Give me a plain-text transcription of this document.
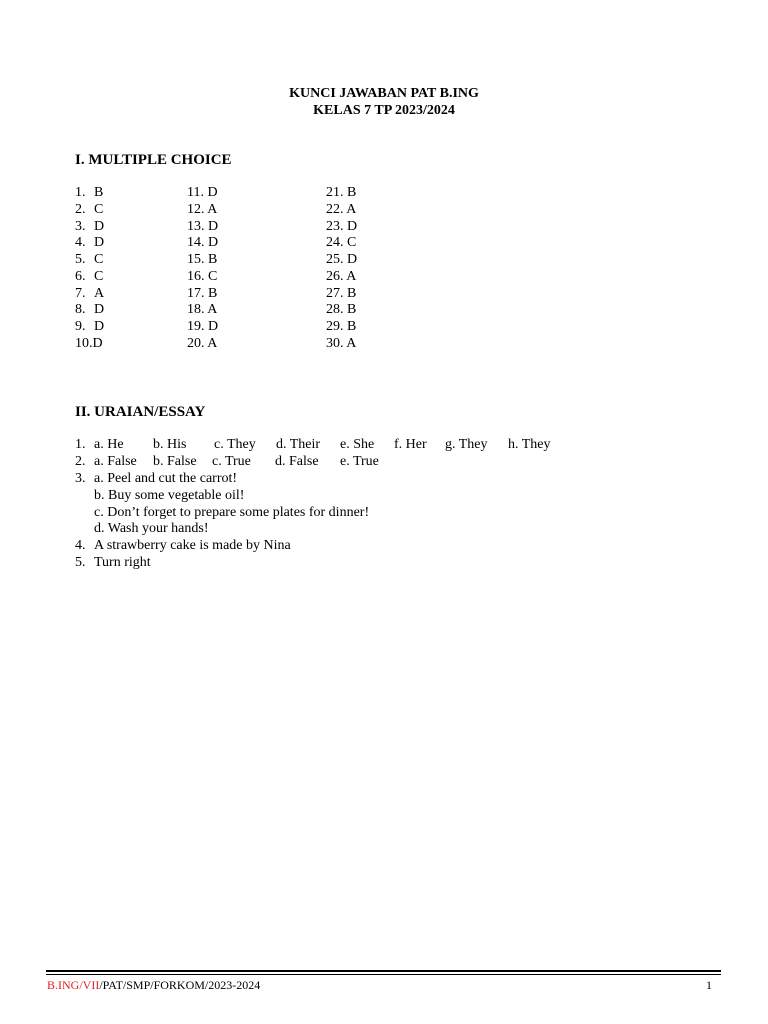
KUNCI JAWABAN PAT B.ING
KELAS 7 TP 2023/2024
I. MULTIPLE CHOICE
1. B
2. C
3. D
4. D
5. C
6. C
7. A
8. D
9. D
10.D
11. D
12. A
13. D
14. D
15. B
16. C
17. B
18. A
19. D
20. A
21. B
22. A
23. D
24. C
25. D
26. A
27. B
28. B
29. B
30. A
II. URAIAN/ESSAY
1. a. He b. His c. They d. Their e. She f. Her g. They h. They
2. a. False b. False c. True d. False e. True
3. a. Peel and cut the carrot!
b. Buy some vegetable oil!
c. Don’t forget to prepare some plates for dinner!
d. Wash your hands!
4. A strawberry cake is made by Nina
5. Turn right
B.ING/VII/PAT/SMP/FORKOM/2023-2024	1
